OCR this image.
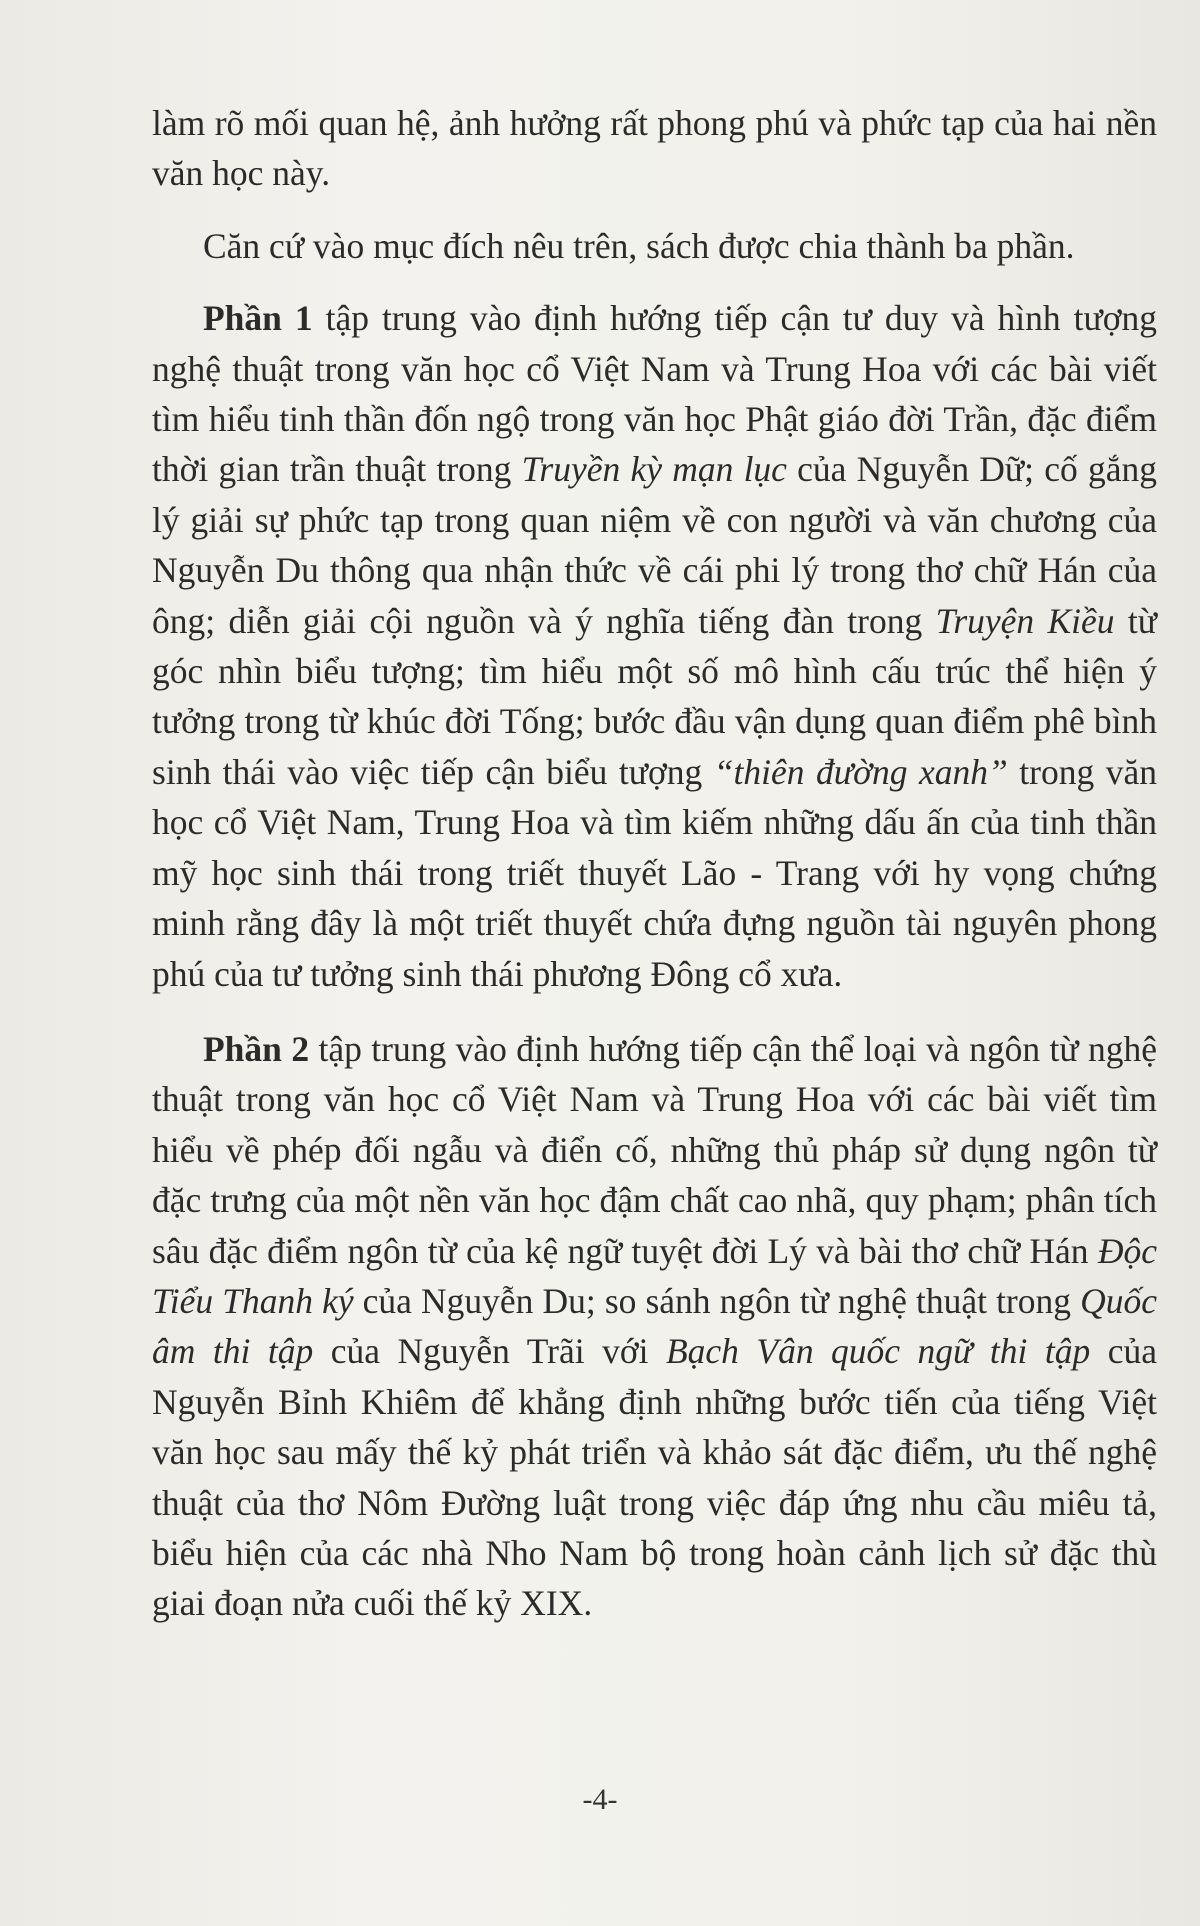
làm rõ mối quan hệ, ảnh hưởng rất phong phú và phức tạp của hai nền văn học này.

Căn cứ vào mục đích nêu trên, sách được chia thành ba phần.

Phần 1 tập trung vào định hướng tiếp cận tư duy và hình tượng nghệ thuật trong văn học cổ Việt Nam và Trung Hoa với các bài viết tìm hiểu tinh thần đốn ngộ trong văn học Phật giáo đời Trần, đặc điểm thời gian trần thuật trong Truyền kỳ mạn lục của Nguyễn Dữ; cố gắng lý giải sự phức tạp trong quan niệm về con người và văn chương của Nguyễn Du thông qua nhận thức về cái phi lý trong thơ chữ Hán của ông; diễn giải cội nguồn và ý nghĩa tiếng đàn trong Truyện Kiều từ góc nhìn biểu tượng; tìm hiểu một số mô hình cấu trúc thể hiện ý tưởng trong từ khúc đời Tống; bước đầu vận dụng quan điểm phê bình sinh thái vào việc tiếp cận biểu tượng “thiên đường xanh” trong văn học cổ Việt Nam, Trung Hoa và tìm kiếm những dấu ấn của tinh thần mỹ học sinh thái trong triết thuyết Lão - Trang với hy vọng chứng minh rằng đây là một triết thuyết chứa đựng nguồn tài nguyên phong phú của tư tưởng sinh thái phương Đông cổ xưa.

Phần 2 tập trung vào định hướng tiếp cận thể loại và ngôn từ nghệ thuật trong văn học cổ Việt Nam và Trung Hoa với các bài viết tìm hiểu về phép đối ngẫu và điển cố, những thủ pháp sử dụng ngôn từ đặc trưng của một nền văn học đậm chất cao nhã, quy phạm; phân tích sâu đặc điểm ngôn từ của kệ ngữ tuyệt đời Lý và bài thơ chữ Hán Độc Tiểu Thanh ký của Nguyễn Du; so sánh ngôn từ nghệ thuật trong Quốc âm thi tập của Nguyễn Trãi với Bạch Vân quốc ngữ thi tập của Nguyễn Bỉnh Khiêm để khẳng định những bước tiến của tiếng Việt văn học sau mấy thế kỷ phát triển và khảo sát đặc điểm, ưu thế nghệ thuật của thơ Nôm Đường luật trong việc đáp ứng nhu cầu miêu tả, biểu hiện của các nhà Nho Nam bộ trong hoàn cảnh lịch sử đặc thù giai đoạn nửa cuối thế kỷ XIX.

-4-
